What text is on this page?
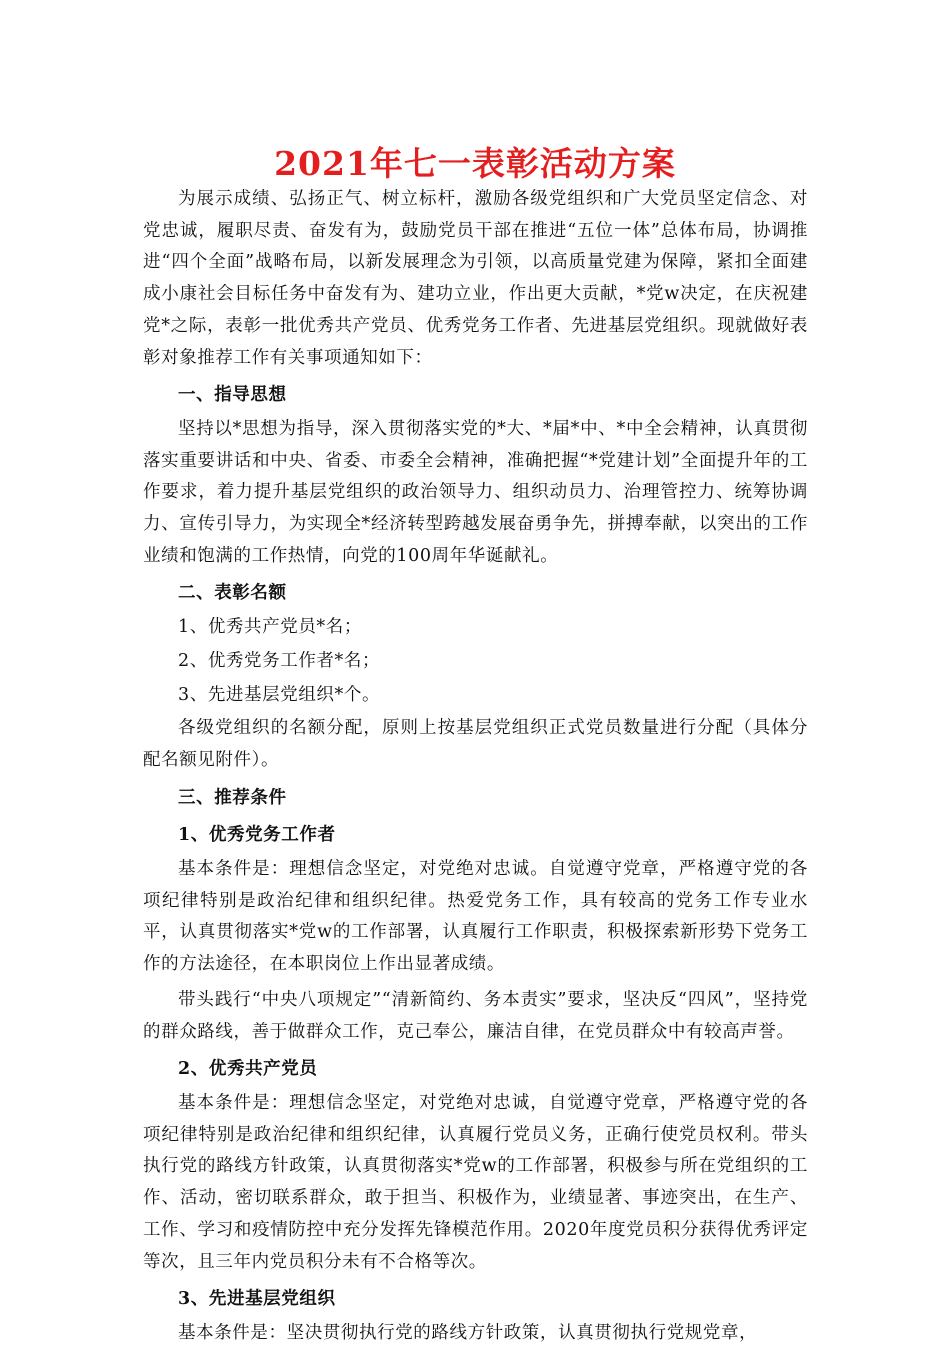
2021年七一表彰活动方案

为展示成绩、弘扬正气、树立标杆，激励各级党组织和广大党员坚定信念、对党忠诚，履职尽责、奋发有为，鼓励党员干部在推进“五位一体”总体布局，协调推进“四个全面”战略布局，以新发展理念为引领，以高质量党建为保障，紧扣全面建成小康社会目标任务中奋发有为、建功立业，作出更大贡献，*党w决定，在庆祝建党*之际，表彰一批优秀共产党员、优秀党务工作者、先进基层党组织。现就做好表彰对象推荐工作有关事项通知如下：

一、指导思想

坚持以*思想为指导，深入贯彻落实党的*大、*届*中、*中全会精神，认真贯彻落实重要讲话和中央、省委、市委全会精神，准确把握“*党建计划”全面提升年的工作要求，着力提升基层党组织的政治领导力、组织动员力、治理管控力、统筹协调力、宣传引导力，为实现全*经济转型跨越发展奋勇争先，拼搏奉献，以突出的工作业绩和饱满的工作热情，向党的100周年华诞献礼。

二、表彰名额

1、优秀共产党员*名；

2、优秀党务工作者*名；

3、先进基层党组织*个。

各级党组织的名额分配，原则上按基层党组织正式党员数量进行分配（具体分配名额见附件）。

三、推荐条件

1、优秀党务工作者

基本条件是：理想信念坚定，对党绝对忠诚。自觉遵守党章，严格遵守党的各项纪律特别是政治纪律和组织纪律。热爱党务工作，具有较高的党务工作专业水平，认真贯彻落实*党w的工作部署，认真履行工作职责，积极探索新形势下党务工作的方法途径，在本职岗位上作出显著成绩。

带头践行“中央八项规定”“清新简约、务本责实”要求，坚决反“四风”，坚持党的群众路线，善于做群众工作，克己奉公，廉洁自律，在党员群众中有较高声誉。

2、优秀共产党员

基本条件是：理想信念坚定，对党绝对忠诚，自觉遵守党章，严格遵守党的各项纪律特别是政治纪律和组织纪律，认真履行党员义务，正确行使党员权利。带头执行党的路线方针政策，认真贯彻落实*党w的工作部署，积极参与所在党组织的工作、活动，密切联系群众，敢于担当、积极作为，业绩显著、事迹突出，在生产、工作、学习和疫情防控中充分发挥先锋模范作用。2020年度党员积分获得优秀评定等次，且三年内党员积分未有不合格等次。

3、先进基层党组织

基本条件是：坚决贯彻执行党的路线方针政策，认真贯彻执行党规党章，
